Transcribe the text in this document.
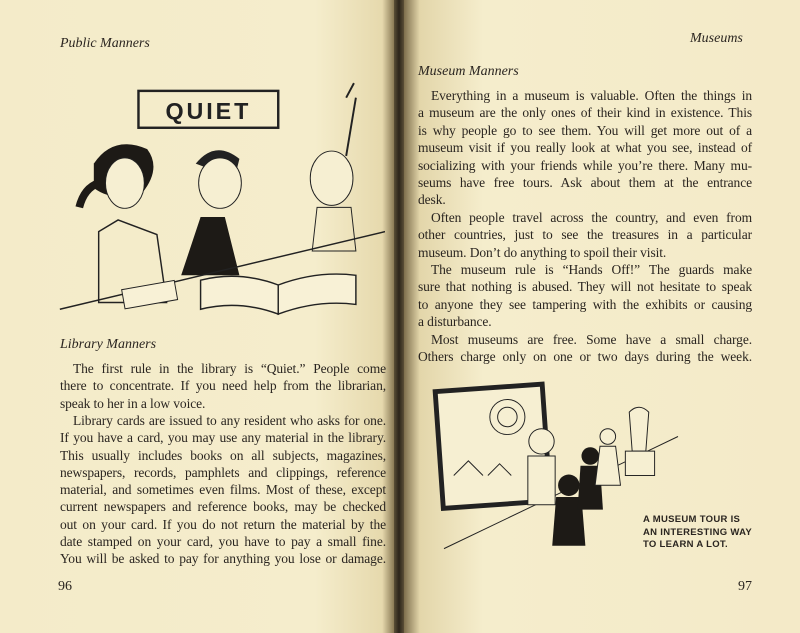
Public Manners
QUIET
Library Manners
The first rule in the library is “Quiet.” People come
there to concentrate. If you need help from the librarian,
speak to her in a low voice.
Library cards are issued to any resident who asks for one.
If you have a card, you may use any material in the library.
This usually includes books on all subjects, magazines,
newspapers, records, pamphlets and clippings, reference
material, and sometimes even films. Most of these, except
current newspapers and reference books, may be checked
out on your card. If you do not return the material by the
date stamped on your card, you have to pay a small fine.
You will be asked to pay for anything you lose or damage.
96
Museums
Museum Manners
Everything in a museum is valuable. Often the things in
a museum are the only ones of their kind in existence. This
is why people go to see them. You will get more out of a
museum visit if you really look at what you see, instead of
socializing with your friends while you’re there. Many mu-
seums have free tours. Ask about them at the entrance
desk.
Often people travel across the country, and even from
other countries, just to see the treasures in a particular
museum. Don’t do anything to spoil their visit.
The museum rule is “Hands Off!” The guards make
sure that nothing is abused. They will not hesitate to speak
to anyone they see tampering with the exhibits or causing
a disturbance.
Most museums are free. Some have a small charge.
Others charge only on one or two days during the week.
A MUSEUM TOUR IS
AN INTERESTING WAY
TO LEARN A LOT.
97
